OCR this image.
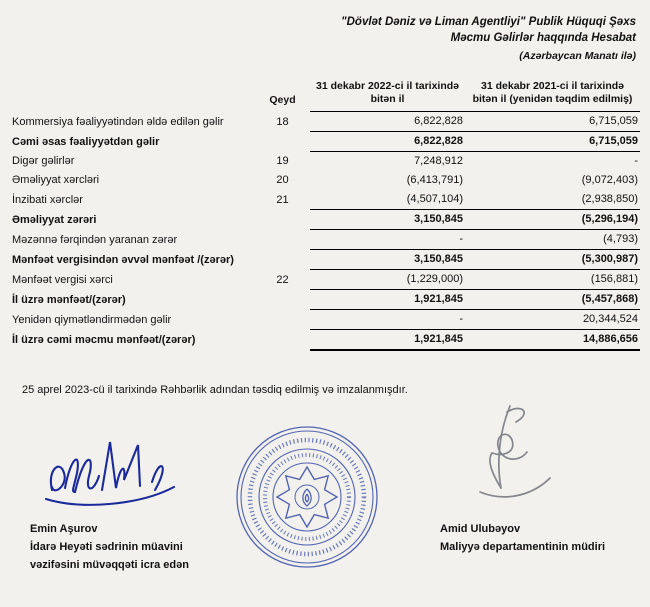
"Dövlət Dəniz və Liman Agentliyi" Publik Hüquqi Şəxs
Məcmu Gəlirlər haqqında Hesabat
(Azərbaycan Manatı ilə)
	Qeyd	31 dekabr 2022-ci il tarixində bitən il	31 dekabr 2021-ci il tarixində bitən il (yenidən təqdim edilmiş)
Kommersiya fəaliyyətindən əldə edilən gəlir	18	6,822,828	6,715,059
Cəmi əsas fəaliyyətdən gəlir		6,822,828	6,715,059
Digər gəlirlər	19	7,248,912	-
Əməliyyat xərcləri	20	(6,413,791)	(9,072,403)
İnzibati xərclər	21	(4,507,104)	(2,938,850)
Əməliyyat zərəri		3,150,845	(5,296,194)
Məzənnə fərqindən yaranan zərər		-	(4,793)
Mənfəət vergisindən əvvəl mənfəət /(zərər)		3,150,845	(5,300,987)
Mənfəət vergisi xərci	22	(1,229,000)	(156,881)
İl üzrə mənfəət/(zərər)		1,921,845	(5,457,868)
Yenidən qiymətləndirmədən gəlir		-	20,344,524
İl üzrə cəmi məcmu mənfəət/(zərər)		1,921,845	14,886,656
25 aprel 2023-cü il tarixində Rəhbərlik adından təsdiq edilmiş və imzalanmışdır.
Emin Aşurov
İdarə Heyəti sədrinin müavini
vəzifəsini müvəqqəti icra edən
Amid Ulubəyov
Maliyyə departamentinin müdiri
